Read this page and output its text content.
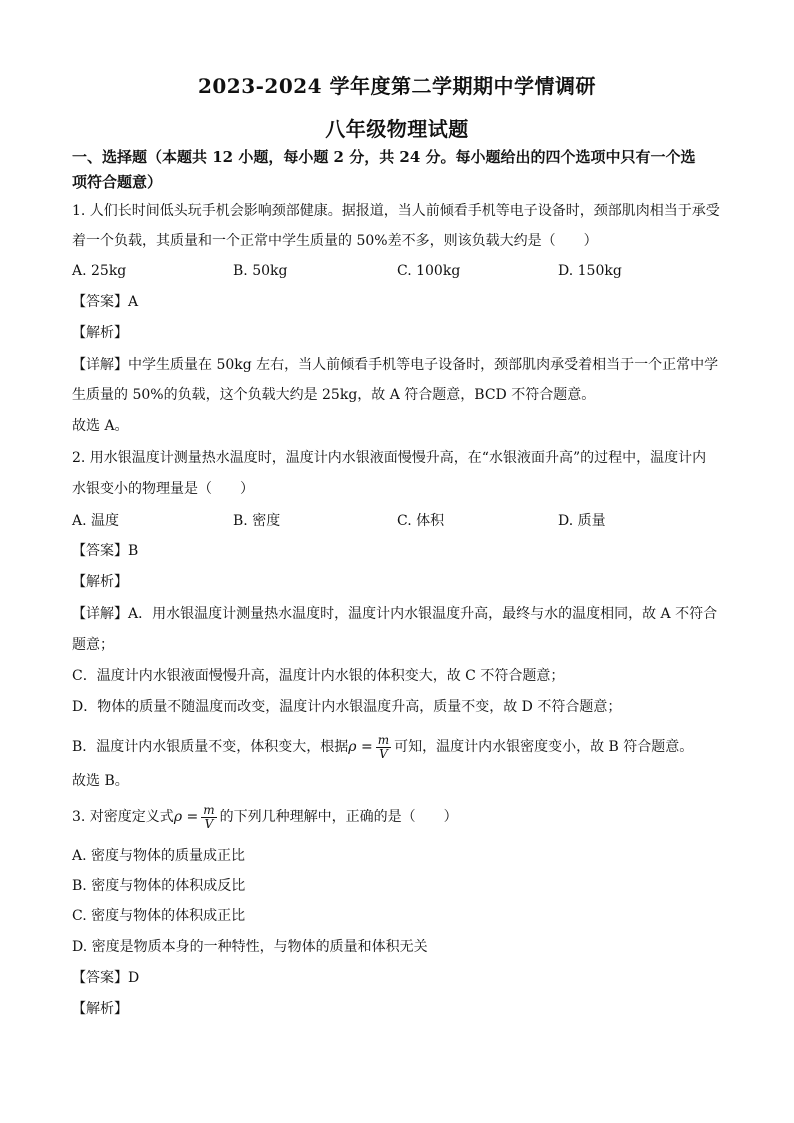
2023-2024 学年度第二学期期中学情调研
八年级物理试题
一、选择题（本题共 12 小题，每小题 2 分，共 24 分。每小题给出的四个选项中只有一个选
项符合题意）
1. 人们长时间低头玩手机会影响颈部健康。据报道，当人前倾看手机等电子设备时，颈部肌肉相当于承受
着一个负载，其质量和一个正常中学生质量的 50%差不多，则该负载大约是（　　）
A. 25kg	B. 50kg	C. 100kg	D. 150kg
【答案】A
【解析】
【详解】中学生质量在 50kg 左右，当人前倾看手机等电子设备时，颈部肌肉承受着相当于一个正常中学
生质量的 50%的负载，这个负载大约是 25kg，故 A 符合题意，BCD 不符合题意。
故选 A。
2. 用水银温度计测量热水温度时，温度计内水银液面慢慢升高，在“水银液面升高”的过程中，温度计内
水银变小的物理量是（　　）
A. 温度	B. 密度	C. 体积	D. 质量
【答案】B
【解析】
【详解】A．用水银温度计测量热水温度时，温度计内水银温度升高，最终与水的温度相同，故 A 不符合
题意；
C．温度计内水银液面慢慢升高，温度计内水银的体积变大，故 C 不符合题意；
D．物体的质量不随温度而改变，温度计内水银温度升高，质量不变，故 D 不符合题意；
B．温度计内水银质量不变，体积变大，根据$\rho = \frac{m}{V}$ 可知，温度计内水银密度变小，故 B 符合题意。
故选 B。
3. 对密度定义式$\rho = \frac{m}{V}$ 的下列几种理解中，正确的是（　　）
A. 密度与物体的质量成正比
B. 密度与物体的体积成反比
C. 密度与物体的体积成正比
D. 密度是物质本身的一种特性，与物体的质量和体积无关
【答案】D
【解析】
